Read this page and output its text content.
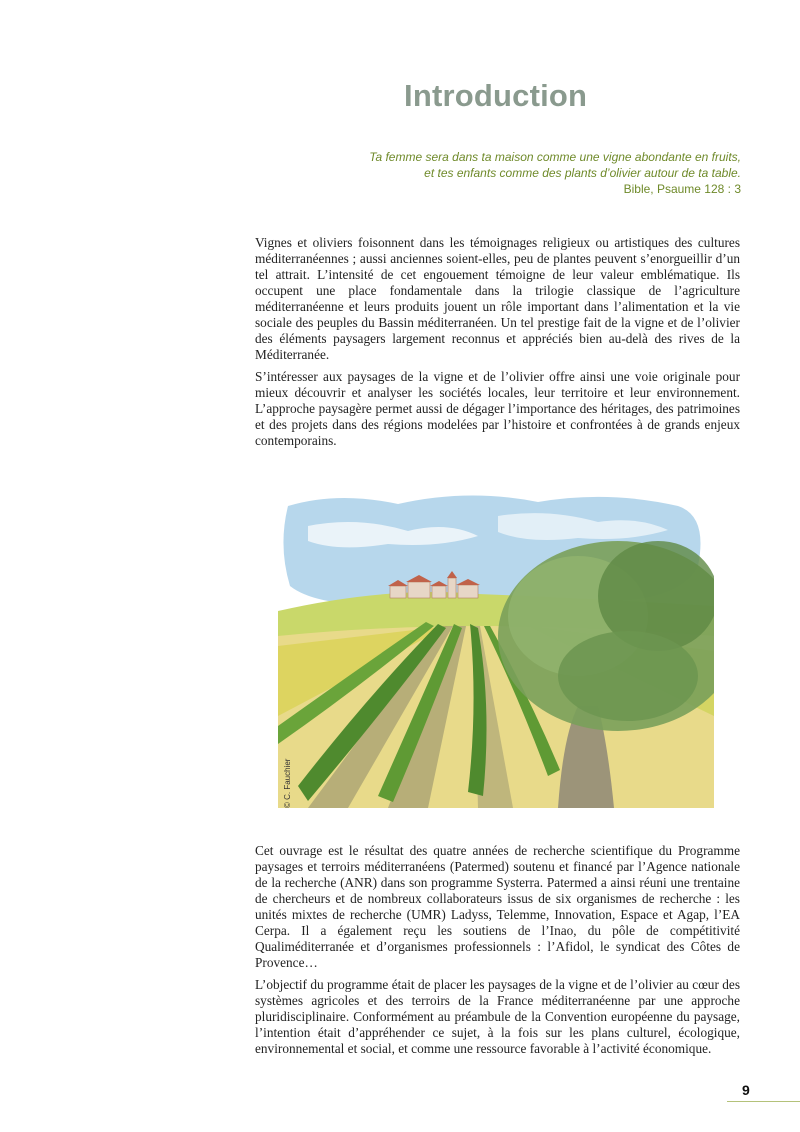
Introduction
Ta femme sera dans ta maison comme une vigne abondante en fruits,
et tes enfants comme des plants d’olivier autour de ta table.
Bible, Psaume 128 : 3

Vignes et oliviers foisonnent dans les témoignages religieux ou artistiques des cultures méditerranéennes ; aussi anciennes soient-elles, peu de plantes peuvent s’enorgueillir d’un tel attrait. L’intensité de cet engouement témoigne de leur valeur emblématique. Ils occupent une place fondamentale dans la trilogie classique de l’agriculture méditerranéenne et leurs produits jouent un rôle important dans l’alimentation et la vie sociale des peuples du Bassin méditerranéen. Un tel prestige fait de la vigne et de l’olivier des éléments paysagers largement reconnus et appréciés bien au-delà des rives de la Méditerranée.

S’intéresser aux paysages de la vigne et de l’olivier offre ainsi une voie originale pour mieux découvrir et analyser les sociétés locales, leur territoire et leur environnement. L’approche paysagère permet aussi de dégager l’importance des héritages, des patrimoines et des projets dans des régions modelées par l’histoire et confrontées à de grands enjeux contemporains.

© C. Fauchier

Cet ouvrage est le résultat des quatre années de recherche scientifique du Programme paysages et terroirs méditerranéens (Patermed) soutenu et financé par l’Agence nationale de la recherche (ANR) dans son programme Systerra. Patermed a ainsi réuni une trentaine de chercheurs et de nombreux collaborateurs issus de six organismes de recherche : les unités mixtes de recherche (UMR) Ladyss, Telemme, Innovation, Espace et Agap, l’EA Cerpa. Il a également reçu les soutiens de l’Inao, du pôle de compétitivité Qualiméditerranée et d’organismes professionnels : l’Afidol, le syndicat des Côtes de Provence…

L’objectif du programme était de placer les paysages de la vigne et de l’olivier au cœur des systèmes agricoles et des terroirs de la France méditerranéenne par une approche pluridisciplinaire. Conformément au préambule de la Convention européenne du paysage, l’intention était d’appréhender ce sujet, à la fois sur les plans culturel, écologique, environnemental et social, et comme une ressource favorable à l’activité économique.

9
